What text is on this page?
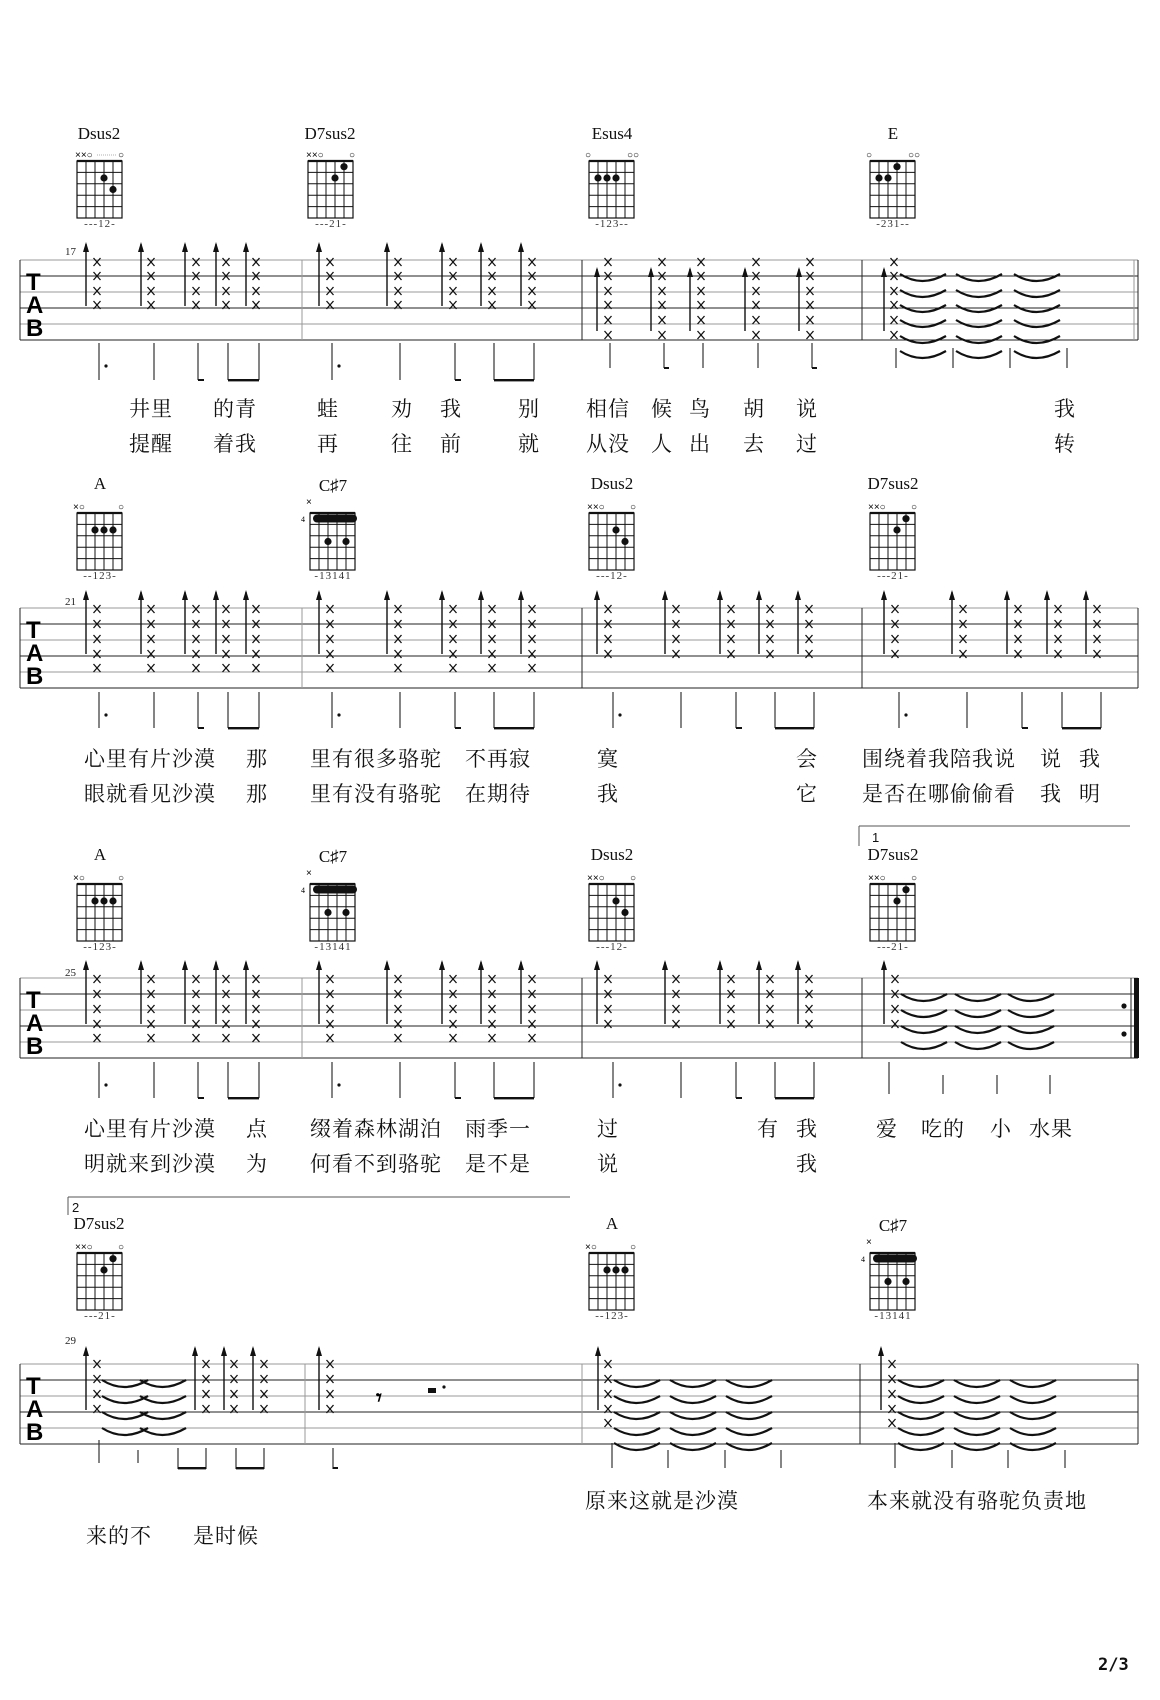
Dsus2	D7sus2	Esus4	E
---12-	---21-	-123--	-231--
17
A	C♯7	Dsus2	D7sus2
--123-	-13141	---12-	---21-
21
A	C♯7	Dsus2	D7sus2
--123-	-13141	---12-	---21-
25
1
D7sus2	A	C♯7
---21-	--123-	-13141
29
2
××○	○	××○	○	○	○○	○	○○
×○	○	×
4
××○	○	××○	○
×○	○	×
4
××○	○	××○	○
××○	○	×○	○	×
4
T
A
B
T
A
B
T
A
B
T
A
B
𝄾
井里 的青	蛙 劝 我	别 相信 候 鸟 胡 说	我
提醒 着我	再 往 前	就 从没 人 出 去 过	转
心里有片沙漠 那 里有很多骆驼 不再寂	寞	会 围绕着我陪我说 说 我
眼就看见沙漠 那 里有没有骆驼 在期待	我	它 是否在哪偷偷看 我 明
心里有片沙漠 点 缀着森林湖泊 雨季一	过	有 我	爱 吃的 小 水果
明就来到沙漠 为 何看不到骆驼 是不是	说	我
原来这就是沙漠	本来就没有骆驼负责地
来的不 是时候
2/3
